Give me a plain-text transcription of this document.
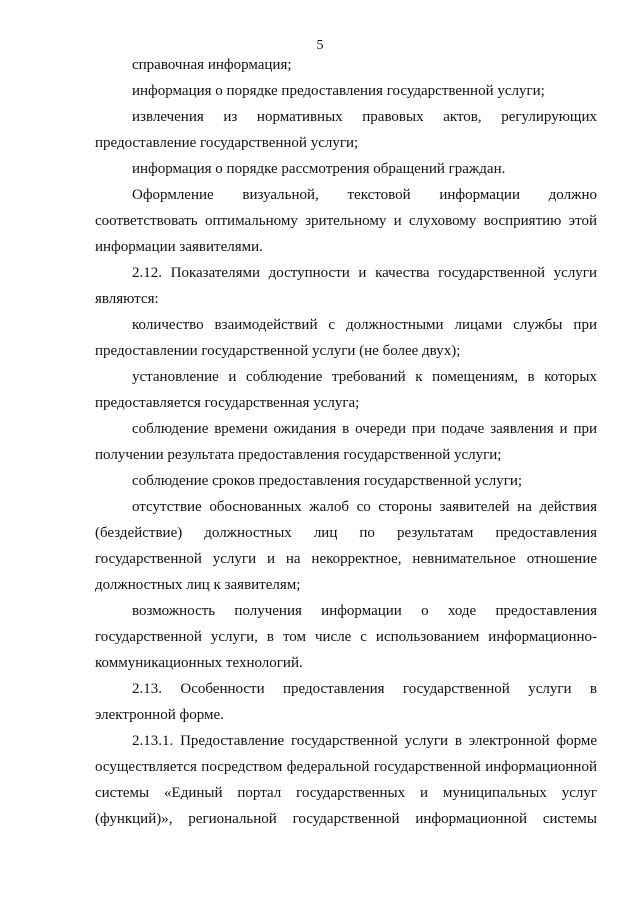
5

справочная информация;

информация о порядке предоставления государственной услуги;

извлечения из нормативных правовых актов, регулирующих предоставление государственной услуги;

информация о порядке рассмотрения обращений граждан.

Оформление визуальной, текстовой информации должно соответствовать оптимальному зрительному и слуховому восприятию этой информации заявителями.

2.12. Показателями доступности и качества государственной услуги являются:

количество взаимодействий с должностными лицами службы при предоставлении государственной услуги (не более двух);

установление и соблюдение требований к помещениям, в которых предоставляется государственная услуга;

соблюдение времени ожидания в очереди при подаче заявления и при получении результата предоставления государственной услуги;

соблюдение сроков предоставления государственной услуги;

отсутствие обоснованных жалоб со стороны заявителей на действия (бездействие) должностных лиц по результатам предоставления государственной услуги и на некорректное, невнимательное отношение должностных лиц к заявителям;

возможность получения информации о ходе предоставления государственной услуги, в том числе с использованием информационно-коммуникационных технологий.

2.13. Особенности предоставления государственной услуги в электронной форме.

2.13.1. Предоставление государственной услуги в электронной форме осуществляется посредством федеральной государственной информационной системы «Единый портал государственных и муниципальных услуг (функций)», региональной государственной информационной системы
